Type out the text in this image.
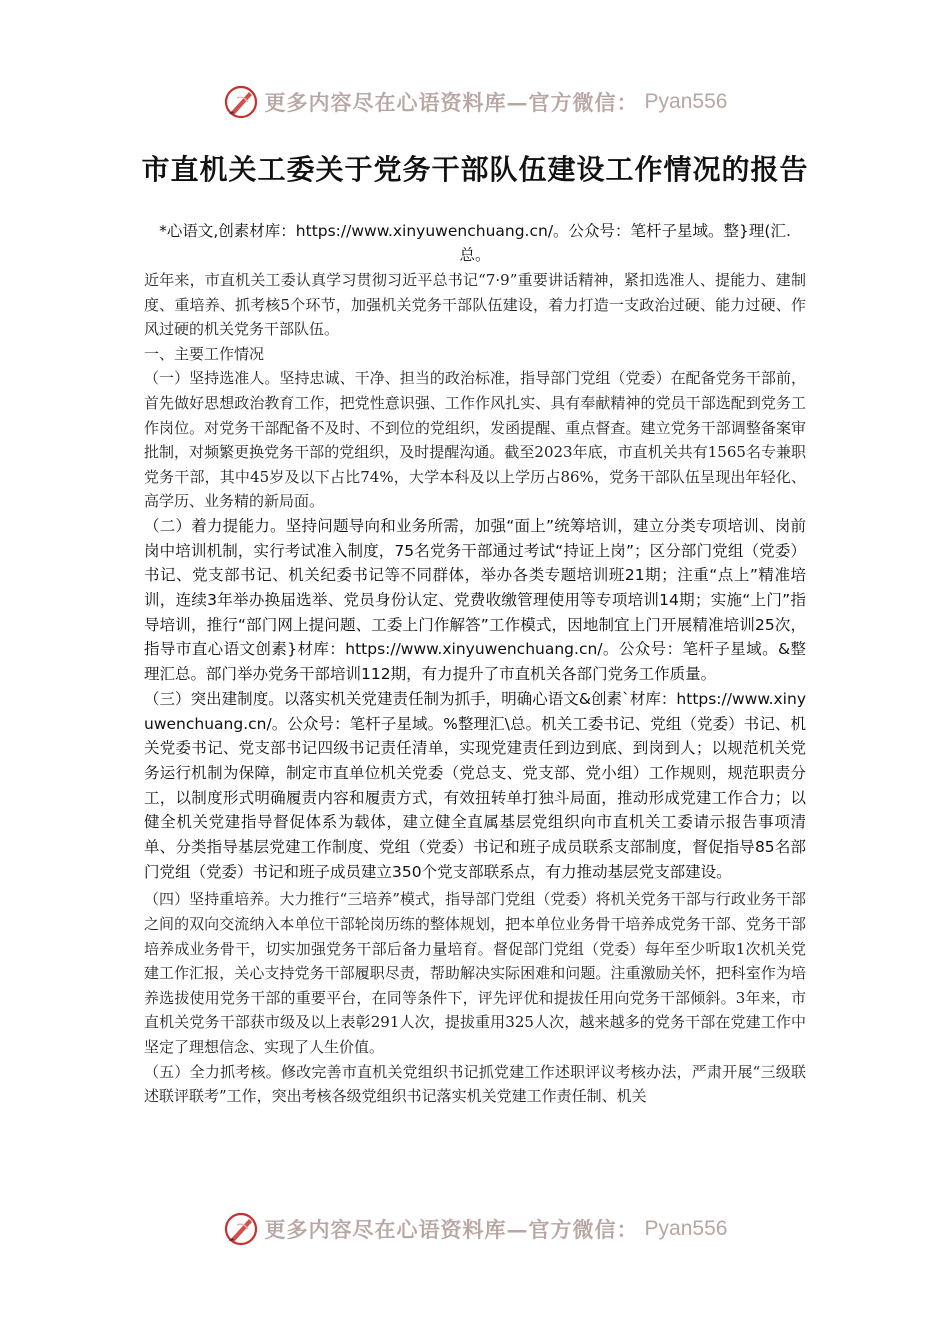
更多内容尽在心语资料库—官方微信： Pyan556
市直机关工委关于党务干部队伍建设工作情况的报告

*心语文,创素材库：https://www.xinyuwenchuang.cn/。公众号：笔杆子星域。整}理(汇.总。

近年来，市直机关工委认真学习贯彻习近平总书记“7·9”重要讲话精神，紧扣选准人、提能力、建制度、重培养、抓考核5个环节，加强机关党务干部队伍建设，着力打造一支政治过硬、能力过硬、作风过硬的机关党务干部队伍。

一、主要工作情况

（一）坚持选准人。坚持忠诚、干净、担当的政治标准，指导部门党组（党委）在配备党务干部前，首先做好思想政治教育工作，把党性意识强、工作作风扎实、具有奉献精神的党员干部选配到党务工作岗位。对党务干部配备不及时、不到位的党组织，发函提醒、重点督查。建立党务干部调整备案审批制，对频繁更换党务干部的党组织，及时提醒沟通。截至2023年底，市直机关共有1565名专兼职党务干部，其中45岁及以下占比74%，大学本科及以上学历占86%，党务干部队伍呈现出年轻化、高学历、业务精的新局面。

（二）着力提能力。坚持问题导向和业务所需，加强“面上”统筹培训，建立分类专项培训、岗前岗中培训机制，实行考试准入制度，75名党务干部通过考试“持证上岗”；区分部门党组（党委）书记、党支部书记、机关纪委书记等不同群体，举办各类专题培训班21期；注重“点上”精准培训，连续3年举办换届选举、党员身份认定、党费收缴管理使用等专项培训14期；实施“上门”指导培训，推行“部门网上提问题、工委上门作解答”工作模式，因地制宜上门开展精准培训25次，指导市直心语文创素}材库：https://www.xinyuwenchuang.cn/。公众号：笔杆子星域。&整理汇总。部门举办党务干部培训112期，有力提升了市直机关各部门党务工作质量。

（三）突出建制度。以落实机关党建责任制为抓手，明确心语文&创素`材库：https://www.xinyuwenchuang.cn/。公众号：笔杆子星域。%整理汇\总。机关工委书记、党组（党委）书记、机关党委书记、党支部书记四级书记责任清单，实现党建责任到边到底、到岗到人；以规范机关党务运行机制为保障，制定市直单位机关党委（党总支、党支部、党小组）工作规则，规范职责分工，以制度形式明确履责内容和履责方式，有效扭转单打独斗局面，推动形成党建工作合力；以健全机关党建指导督促体系为载体，建立健全直属基层党组织向市直机关工委请示报告事项清单、分类指导基层党建工作制度、党组（党委）书记和班子成员联系支部制度，督促指导85名部门党组（党委）书记和班子成员建立350个党支部联系点，有力推动基层党支部建设。

（四）坚持重培养。大力推行“三培养”模式，指导部门党组（党委）将机关党务干部与行政业务干部之间的双向交流纳入本单位干部轮岗历练的整体规划，把本单位业务骨干培养成党务干部、党务干部培养成业务骨干，切实加强党务干部后备力量培育。督促部门党组（党委）每年至少听取1次机关党建工作汇报，关心支持党务干部履职尽责，帮助解决实际困难和问题。注重激励关怀，把科室作为培养选拔使用党务干部的重要平台，在同等条件下，评先评优和提拔任用向党务干部倾斜。3年来，市直机关党务干部获市级及以上表彰291人次，提拔重用325人次，越来越多的党务干部在党建工作中坚定了理想信念、实现了人生价值。

（五）全力抓考核。修改完善市直机关党组织书记抓党建工作述职评议考核办法，严肃开展“三级联述联评联考”工作，突出考核各级党组织书记落实机关党建工作责任制、机关

更多内容尽在心语资料库—官方微信： Pyan556
